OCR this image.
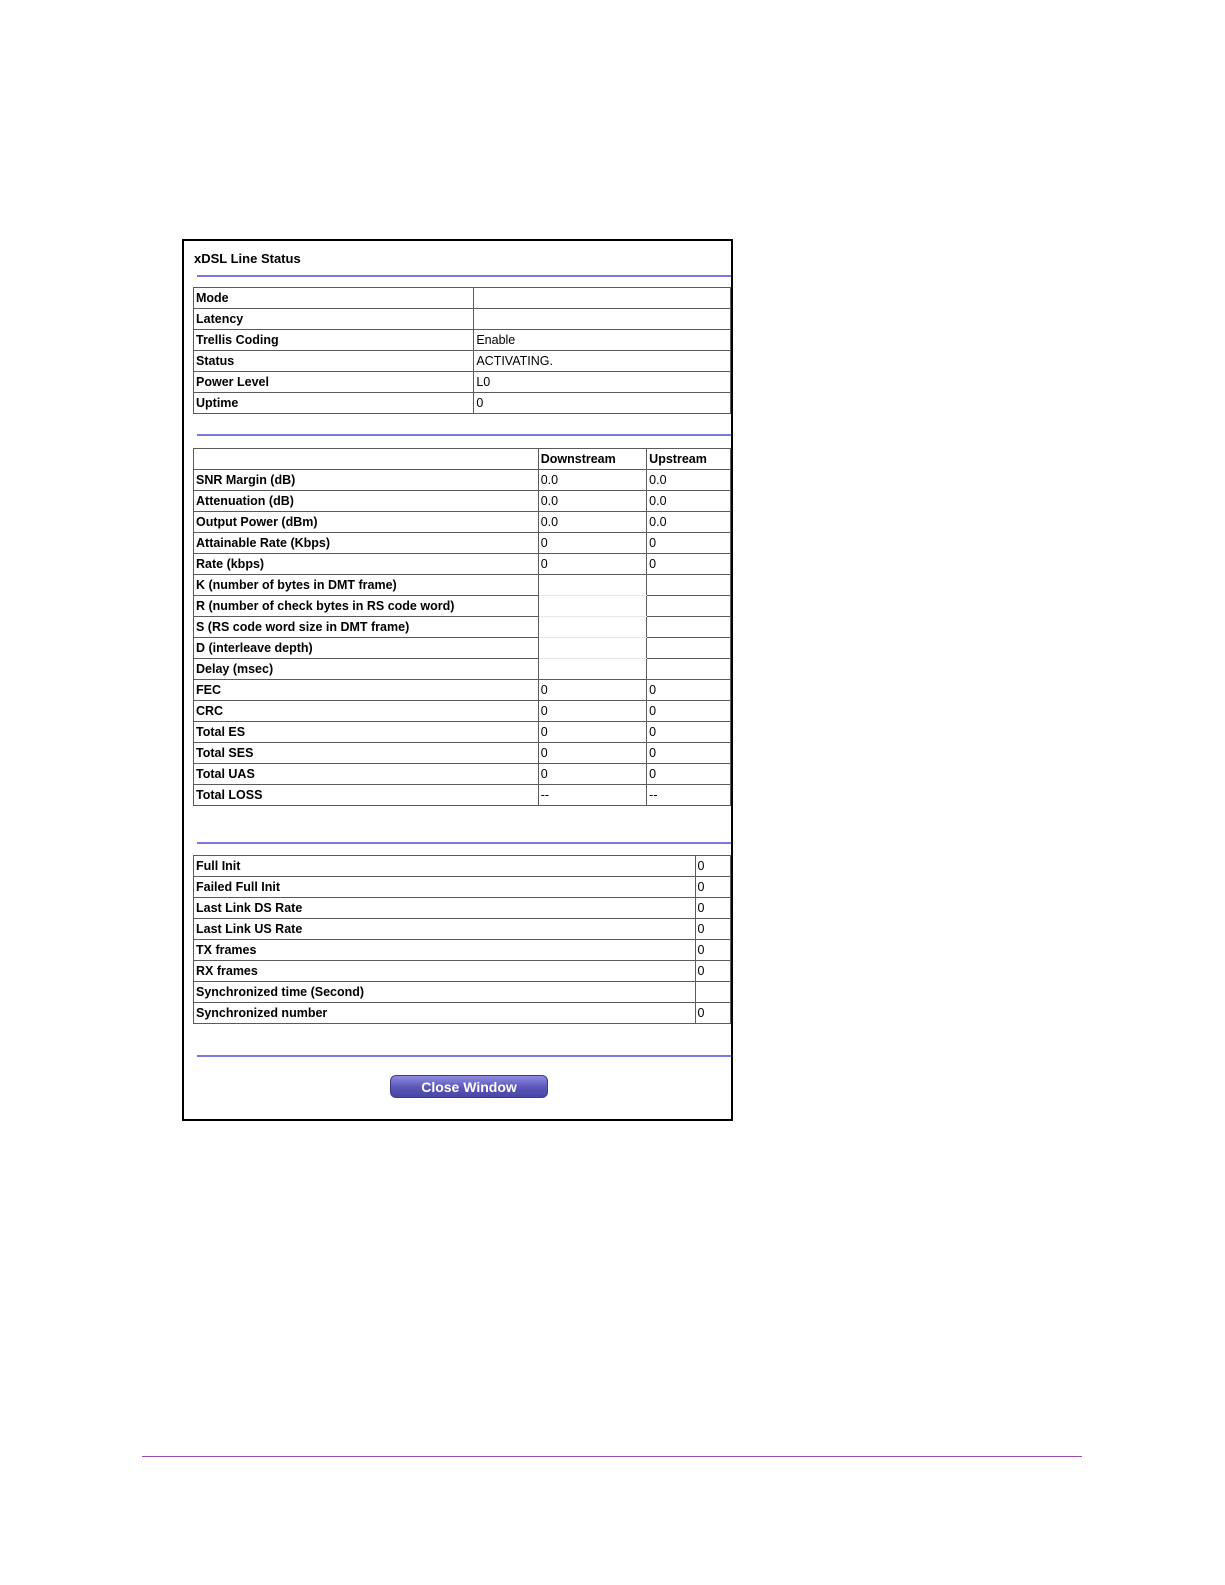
xDSL Line Status
Mode	
Latency	
Trellis Coding	Enable
Status	ACTIVATING.
Power Level	L0
Uptime	0
	Downstream	Upstream
SNR Margin (dB)	0.0	0.0
Attenuation (dB)	0.0	0.0
Output Power (dBm)	0.0	0.0
Attainable Rate (Kbps)	0	0
Rate (kbps)	0	0
K (number of bytes in DMT frame)		
R (number of check bytes in RS code word)		
S (RS code word size in DMT frame)		
D (interleave depth)		
Delay (msec)		
FEC	0	0
CRC	0	0
Total ES	0	0
Total SES	0	0
Total UAS	0	0
Total LOSS	--	--
Full Init	0
Failed Full Init	0
Last Link DS Rate	0
Last Link US Rate	0
TX frames	0
RX frames	0
Synchronized time (Second)	
Synchronized number	0
Close Window
